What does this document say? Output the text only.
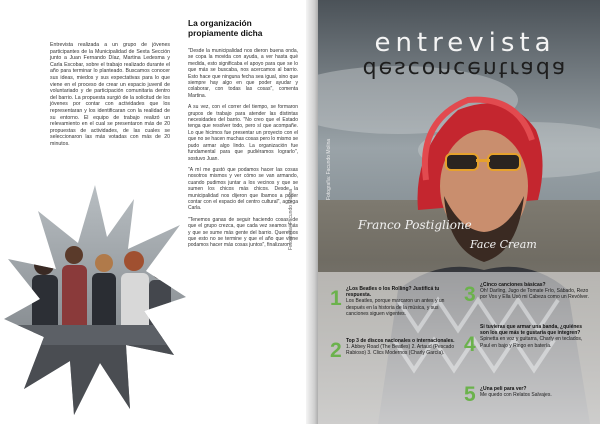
Entrevista realizada a un grupo de jóvenes participantes de la Municipalidad de Sexta Sección junto a Juan Fernando Díaz, Martina Ledesma y Carla Escobar, sobre el trabajo realizado durante el año para terminar lo planteado. Buscamos conocer sus ideas, miedos y sus expectativas para lo que viene en el proceso de crear un espacio juvenil de voluntariado y de participación comunitaria dentro del barrio. La propuesta surgió de la solicitud de los jóvenes por contar con actividades que los representaran y los identificaran con la realidad de su entorno. El equipo de trabajo realizó un relevamiento en el cual se presentaron más de 20 propuestas de actividades, de las cuales se seleccionaron las más votadas con más de 20 minutos.
La organización propiamente dicha

"Desde la municipalidad nos dieron buena onda, se copa la movida con ayuda, a ver hasta qué medida, esto significaba el apoyo para que se lo que más se buscaba, nos acercamos al barrio. Esto hace que ninguna fecha sea igual, sino que siempre hay algo en que poder ayudar y colaborar, con todas las cosas", comenta Martina.

A su vez, con el correr del tiempo, se formaron grupos de trabajo para atender las distintas necesidades del barrio. "No creo que el Estado tenga que resolver todo, pero sí que acompañe. Lo que hicimos fue presentar un proyecto con el que no se hacen muchas cosas pero lo mismo se pudo armar algo lindo. La organización fue fundamental para que pudiéramos lograrlo", sostuvo Juan.

"A mí me gustó que podamos hacer las cosas nosotros mismos y ver cómo se van armando, cuando pudimos juntar a los vecinos y que se sumen los chicos más chicos. Desde la municipalidad nos dijeron que íbamos a poder contar con el espacio del centro cultural", agrega Carla.

"Tenemos ganas de seguir haciendo cosas, de que el grupo crezca, que cada vez seamos más y que se sume más gente del barrio. Queremos que esto no se termine y que el año que viene podamos hacer más cosas juntos", finalizaron.

Fotografía: Facundo Molina
entrevista
desconcentrada
Fotografía: Facundo Molina
Franco Postiglione
Face Cream
1 ¿Los Beatles o los Rolling? Justificá tu respuesta.
Los Beatles, porque marcaron un antes y un después en la historia de la música, y sus canciones siguen vigentes.
2 Top 3 de discos nacionales o internacionales.
1. Abbey Road (The Beatles) 2. Artaud (Pescado Rabioso) 3. Clics Modernos (Charly García).
3 ¿Cinco canciones básicas?
Oh! Darling, Jugo de Tomate Frío, Sábado, Rezo por Vos y Ella Usó mi Cabeza como un Revólver.
4
Si tuvieras que armar una banda, ¿quiénes son los que más te gustaría que integren?
Spinetta en voz y guitarra, Charly en teclados, Paul en bajo y Ringo en batería.
5 ¿Una peli para ver?
Me quedo con Relatos Salvajes.
